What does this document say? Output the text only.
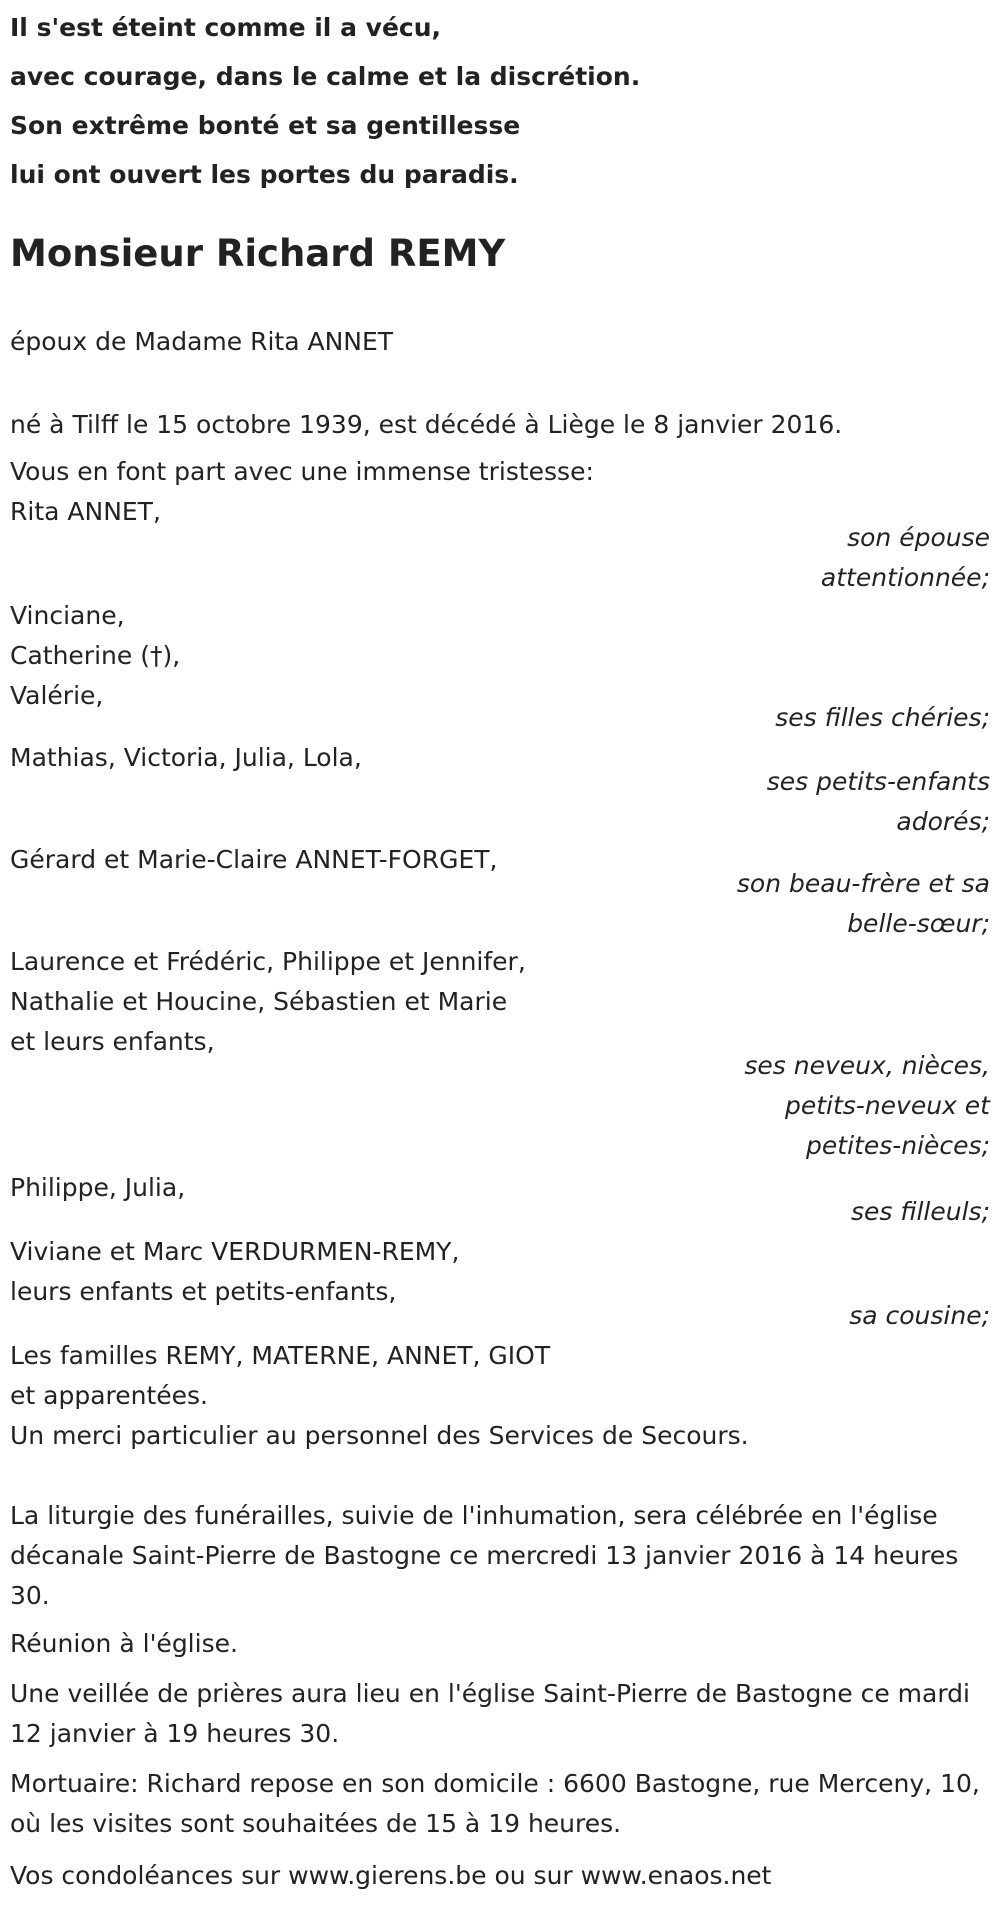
Il s'est éteint comme il a vécu,
avec courage, dans le calme et la discrétion.
Son extrême bonté et sa gentillesse
lui ont ouvert les portes du paradis.
Monsieur Richard REMY
époux de Madame Rita ANNET
né à Tilff le 15 octobre 1939, est décédé à Liège le 8 janvier 2016.
Vous en font part avec une immense tristesse:
Rita ANNET,
son épouse
attentionnée;
Vinciane,
Catherine (†),
Valérie,
ses filles chéries;
Mathias, Victoria, Julia, Lola,
ses petits-enfants
adorés;
Gérard et Marie-Claire ANNET-FORGET,
son beau-frère et sa
belle-sœur;
Laurence et Frédéric, Philippe et Jennifer,
Nathalie et Houcine, Sébastien et Marie
et leurs enfants,
ses neveux, nièces,
petits-neveux et
petites-nièces;
Philippe, Julia,
ses filleuls;
Viviane et Marc VERDURMEN-REMY,
leurs enfants et petits-enfants,
sa cousine;
Les familles REMY, MATERNE, ANNET, GIOT
et apparentées.
Un merci particulier au personnel des Services de Secours.
La liturgie des funérailles, suivie de l'inhumation, sera célébrée en l'église décanale Saint-Pierre de Bastogne ce mercredi 13 janvier 2016 à 14 heures 30.
Réunion à l'église.
Une veillée de prières aura lieu en l'église Saint-Pierre de Bastogne ce mardi 12 janvier à 19 heures 30.
Mortuaire: Richard repose en son domicile : 6600 Bastogne, rue Merceny, 10, où les visites sont souhaitées de 15 à 19 heures.
Vos condoléances sur www.gierens.be ou sur www.enaos.net
